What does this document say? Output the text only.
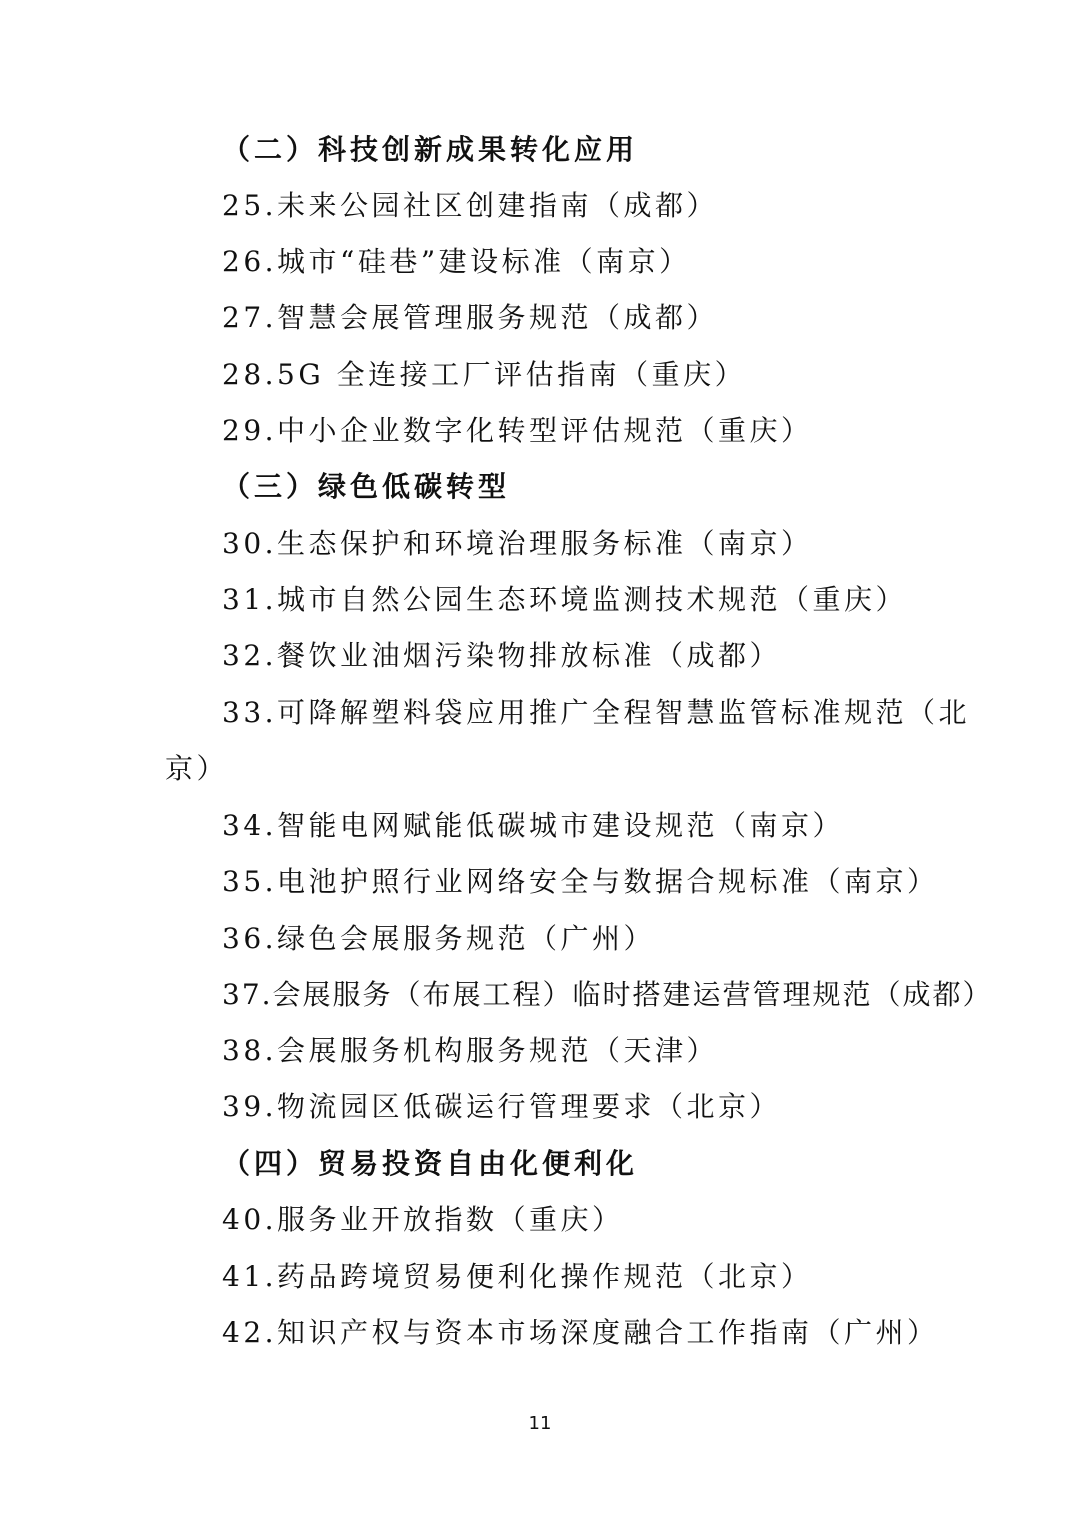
（二）科技创新成果转化应用
25.未来公园社区创建指南（成都）
26.城市“硅巷”建设标准（南京）
27.智慧会展管理服务规范（成都）
28.5G 全连接工厂评估指南（重庆）
29.中小企业数字化转型评估规范（重庆）
（三）绿色低碳转型
30.生态保护和环境治理服务标准（南京）
31.城市自然公园生态环境监测技术规范（重庆）
32.餐饮业油烟污染物排放标准（成都）
33.可降解塑料袋应用推广全程智慧监管标准规范（北
京）
34.智能电网赋能低碳城市建设规范（南京）
35.电池护照行业网络安全与数据合规标准（南京）
36.绿色会展服务规范（广州）
37.会展服务（布展工程）临时搭建运营管理规范（成都）
38.会展服务机构服务规范（天津）
39.物流园区低碳运行管理要求（北京）
（四）贸易投资自由化便利化
40.服务业开放指数（重庆）
41.药品跨境贸易便利化操作规范（北京）
42.知识产权与资本市场深度融合工作指南（广州）
11
